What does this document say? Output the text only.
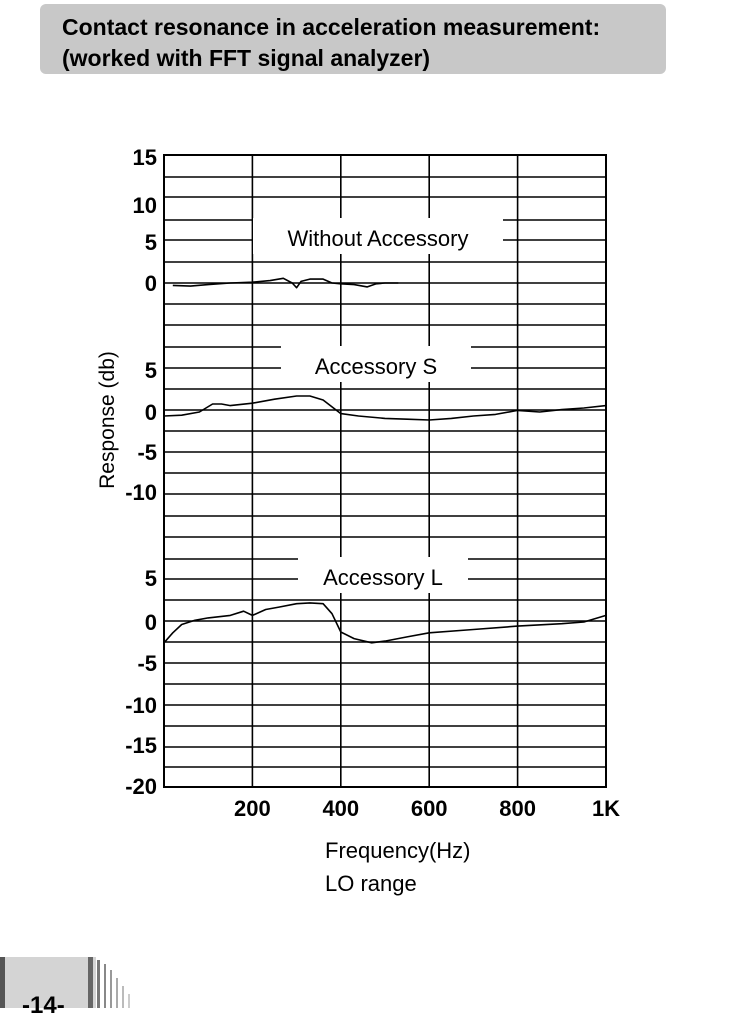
Contact resonance in acceleration measurement:
(worked with FFT signal analyzer)
Without Accessory
Accessory S
Accessory L
15
10
5
0
5
0
-5
-10
5
0
-5
-10
-15
-20
200 400 600 800	1K
Response (db)
Frequency(Hz)
LO range
-14-
